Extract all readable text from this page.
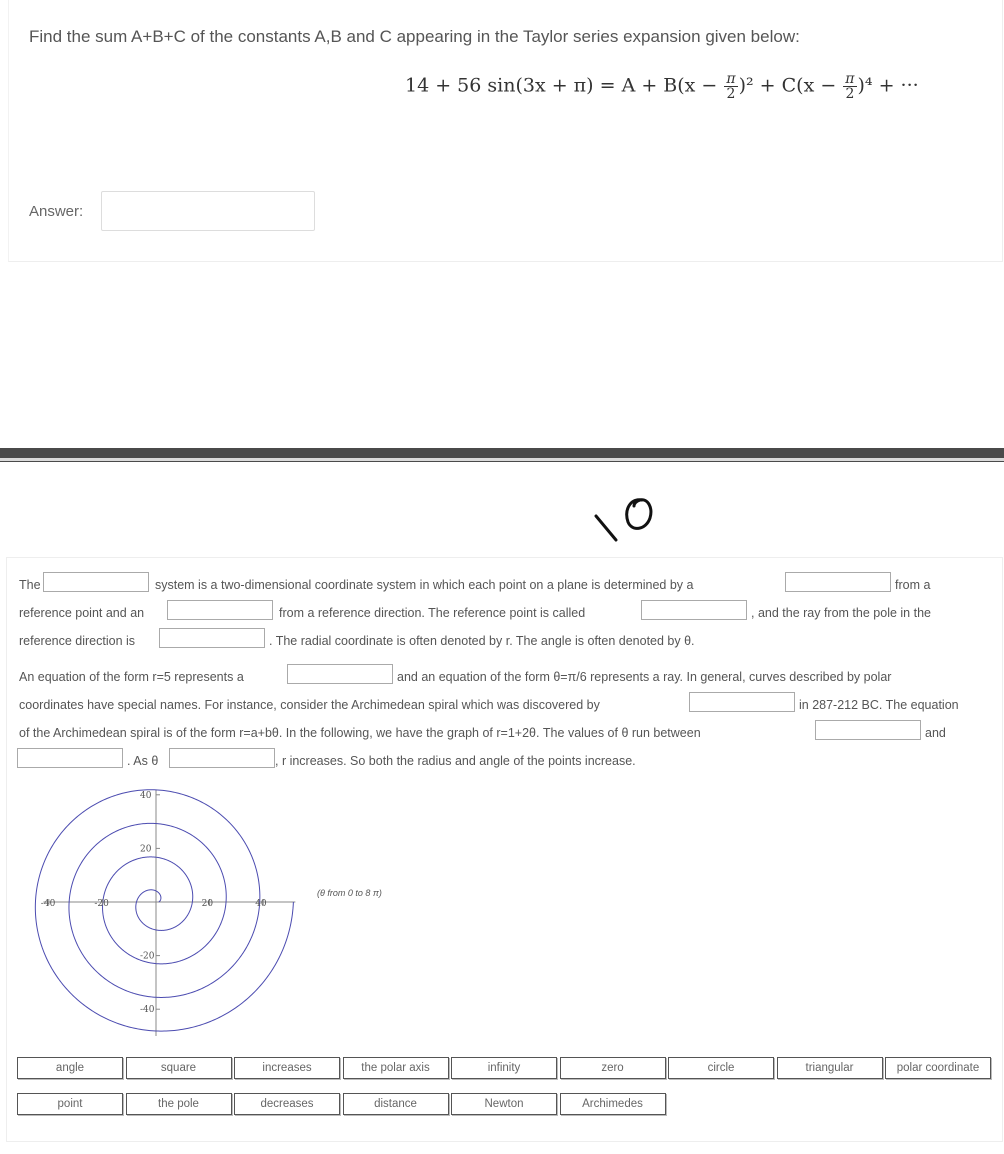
Find the sum A+B+C of the constants A,B and C appearing in the Taylor series expansion given below:
14 + 56 $\sin(3x + \pi) = A + B(x - \frac{\pi}{2} )^2 + C(x - \frac{\pi}{2} )^4$ + ···
Answer:
The	system is a two-dimensional coordinate system in which each point on a plane is determined by a	from a
reference point and an	from a reference direction. The reference point is called	, and the ray from the pole in the
reference direction is	. The radial coordinate is often denoted by r. The angle is often denoted by θ.
An equation of the form r=5 represents a	and an equation of the form θ=π/6 represents a ray. In general, curves described by polar
coordinates have special names. For instance, consider the Archimedean spiral which was discovered by	in 287-212 BC. The equation
of the Archimedean spiral is of the form r=a+bθ. In the following, we have the graph of r=1+2θ. The values of θ run between	and
. As θ	, r increases. So both the radius and angle of the points increase.
-40	-20	20	40
40
20
-20
-40
(θ from 0 to 8 π)
angle	square	increases	the polar axis	infinity	zero	circle	triangular	polar coordinate
point	the pole	decreases	distance	Newton	Archimedes
